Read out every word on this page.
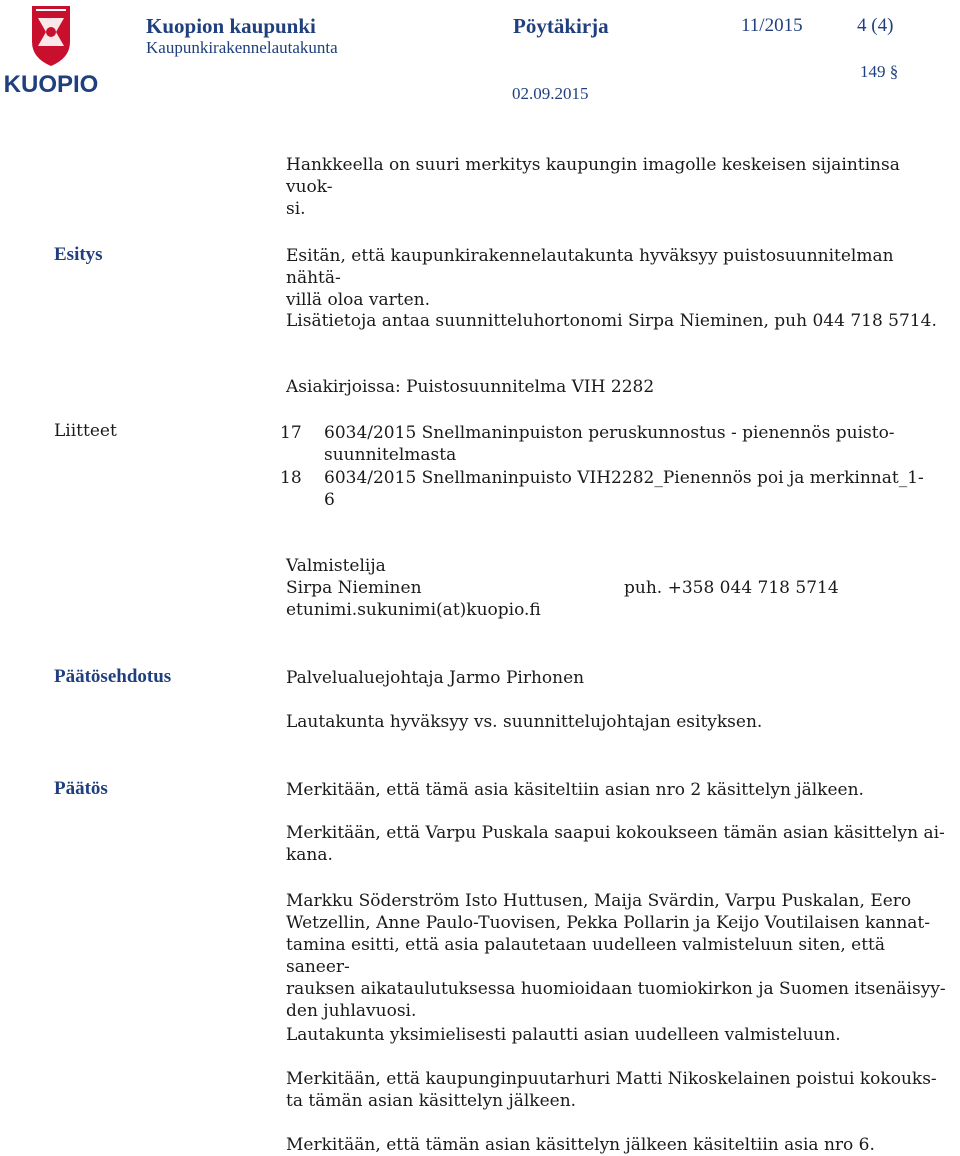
KUOPIO
Kuopion kaupunki
Kaupunkirakennelautakunta
Pöytäkirja	11/2015	4 (4)
149 §
02.09.2015

Hankkeella on suuri merkitys kaupungin imagolle keskeisen sijaintinsa vuok-

si.

Esitys	Esitän, että kaupunkirakennelautakunta hyväksyy puistosuunnitelman nähtä-

villä oloa varten.

Lisätietoja antaa suunnitteluhortonomi Sirpa Nieminen, puh 044 718 5714.

Asiakirjoissa: Puistosuunnitelma VIH 2282

Liitteet	17 6034/2015 Snellmaninpuiston peruskunnostus - pienennös puisto-
suunnitelmasta
18 6034/2015 Snellmaninpuisto VIH2282_Pienennös poi ja merkinnat_1-
6
Valmistelija
Sirpa Nieminen
etunimi.sukunimi(at)kuopio.fi
puh. +358 044 718 5714
Päätösehdotus	Palvelualuejohtaja Jarmo Pirhonen

Lautakunta hyväksyy vs. suunnittelujohtajan esityksen.

Päätös	Merkitään, että tämä asia käsiteltiin asian nro 2 käsittelyn jälkeen.

Merkitään, että Varpu Puskala saapui kokoukseen tämän asian käsittelyn ai-

kana.

Markku Söderström Isto Huttusen, Maija Svärdin, Varpu Puskalan, Eero

Wetzellin, Anne Paulo-Tuovisen, Pekka Pollarin ja Keijo Voutilaisen kannat-

tamina esitti, että asia palautetaan uudelleen valmisteluun siten, että saneer-

rauksen aikataulutuksessa huomioidaan tuomiokirkon ja Suomen itsenäisyy-

den juhlavuosi.

Lautakunta yksimielisesti palautti asian uudelleen valmisteluun.

Merkitään, että kaupunginpuutarhuri Matti Nikoskelainen poistui kokouks-

ta tämän asian käsittelyn jälkeen.

Merkitään, että tämän asian käsittelyn jälkeen käsiteltiin asia nro 6.
